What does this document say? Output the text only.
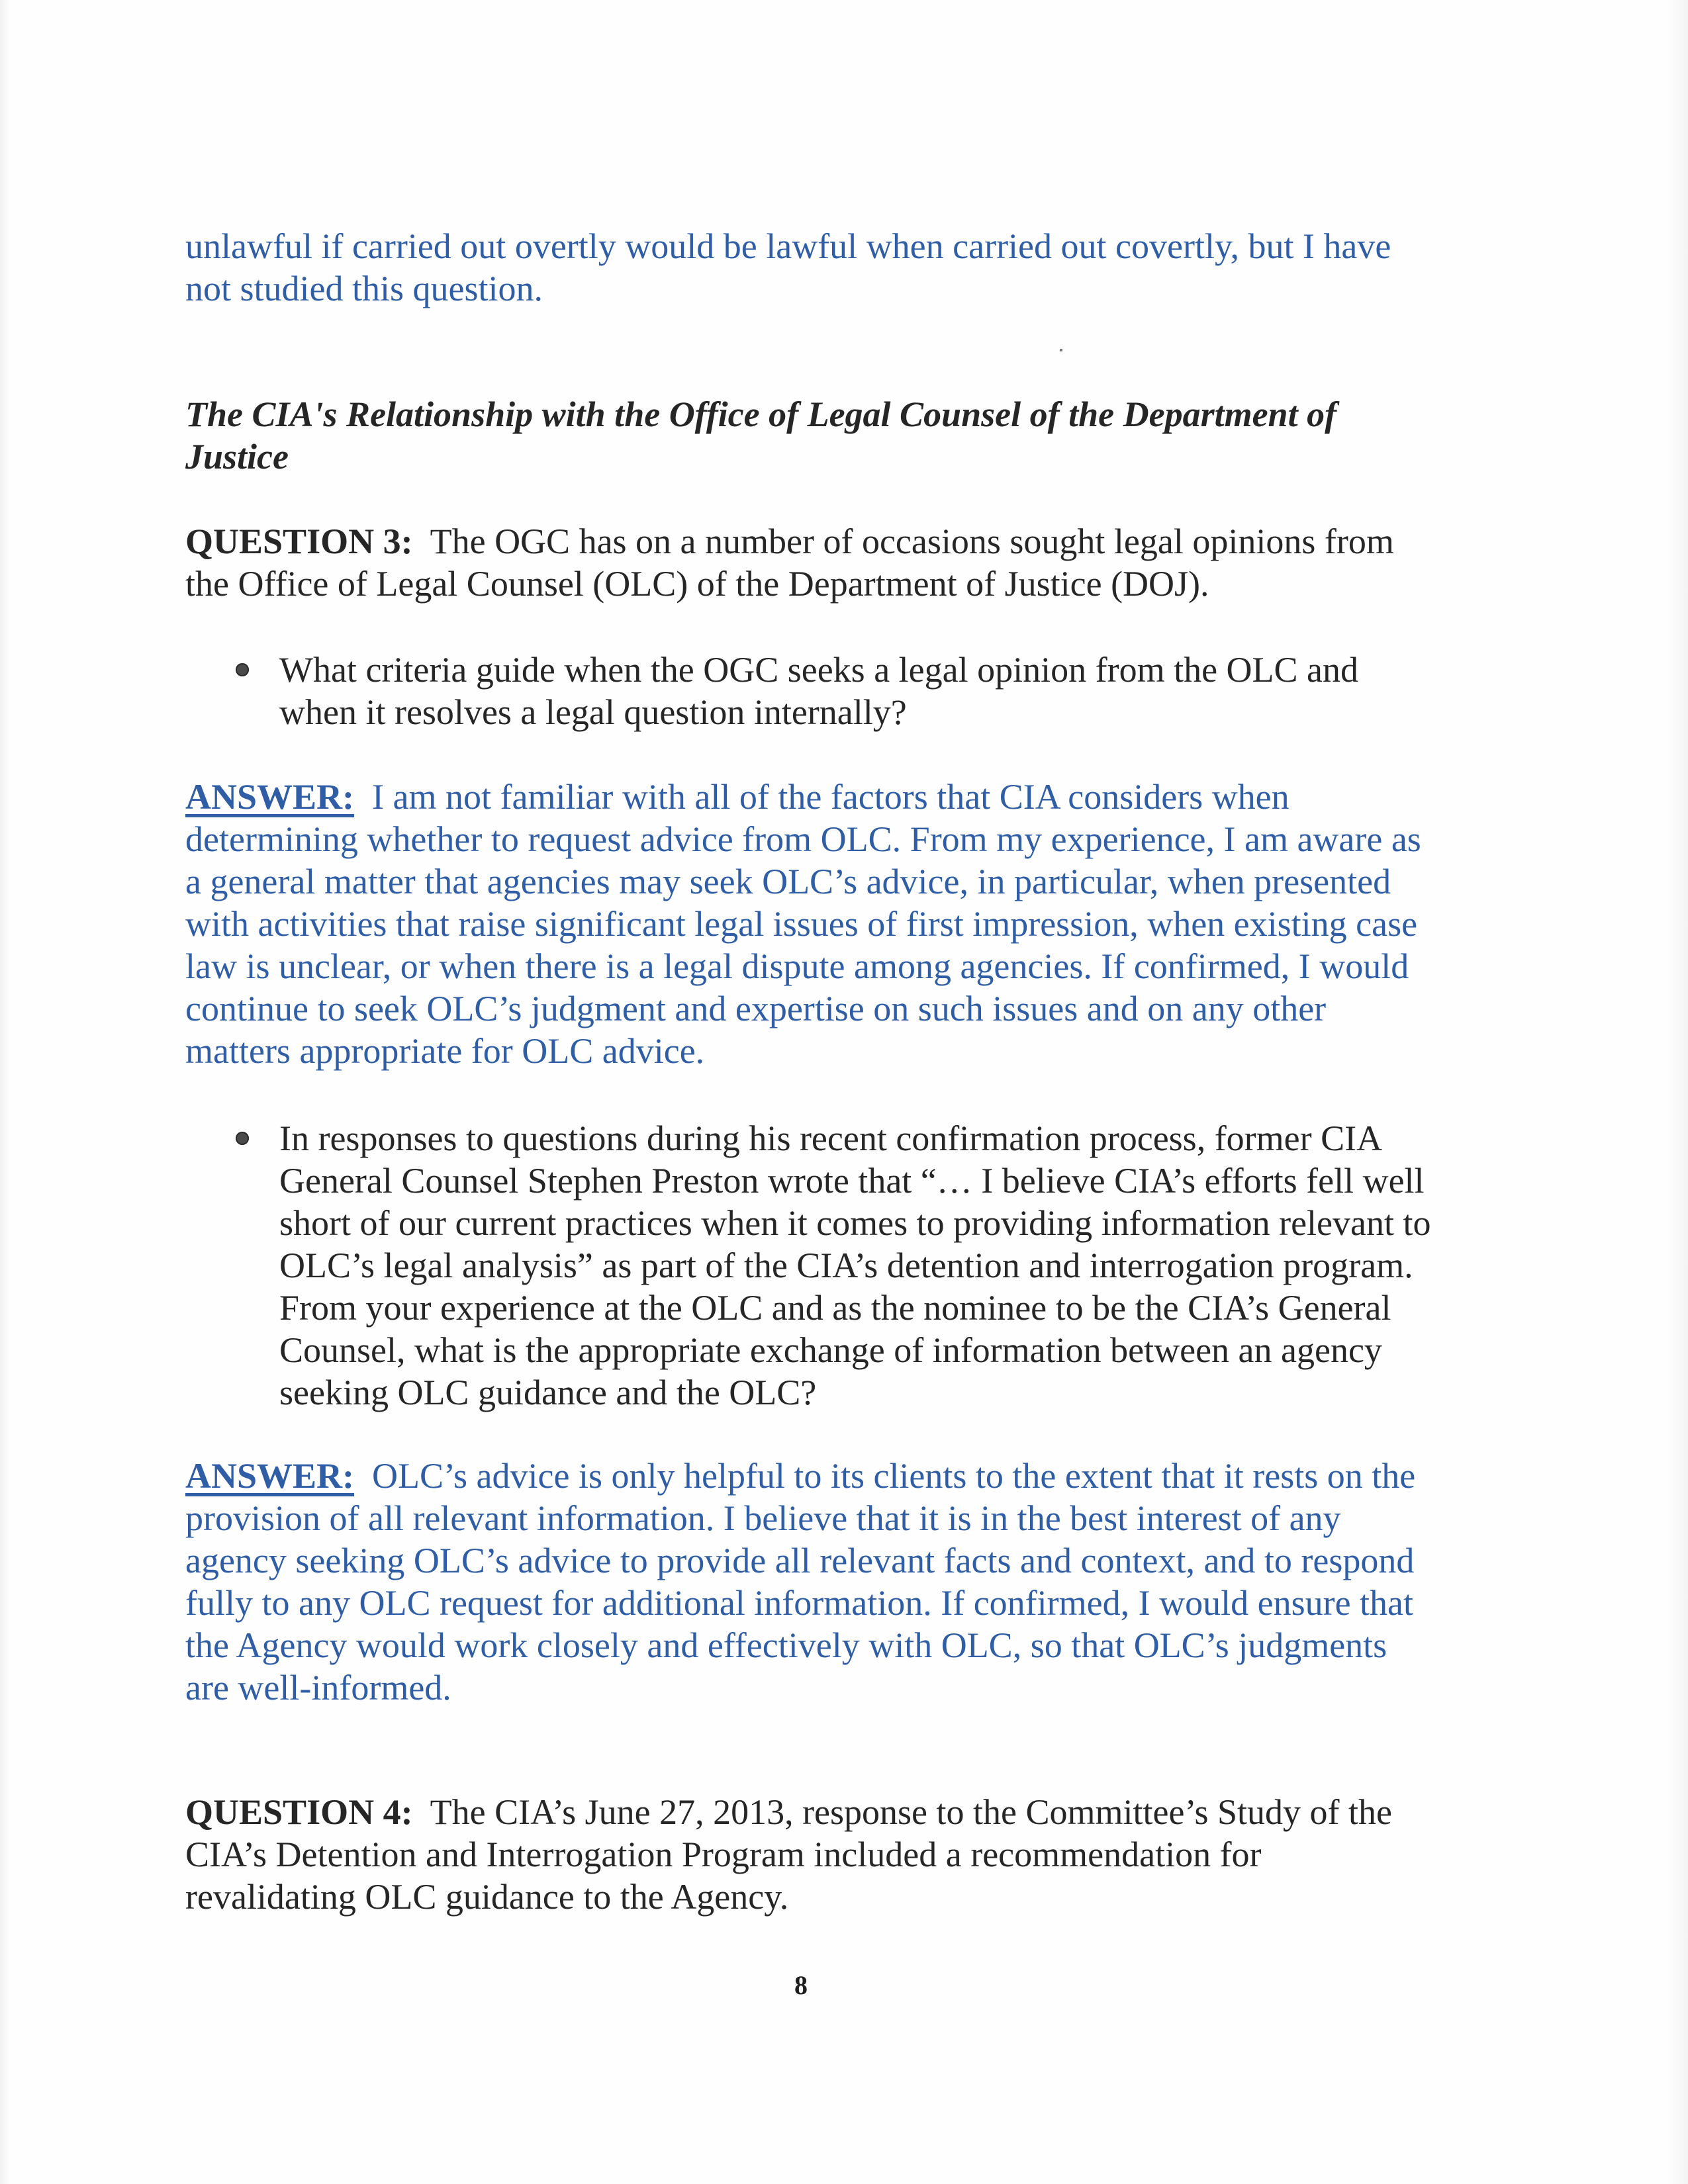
unlawful if carried out overtly would be lawful when carried out covertly, but I have not studied this question.

The CIA's Relationship with the Office of Legal Counsel of the Department of Justice

QUESTION 3: The OGC has on a number of occasions sought legal opinions from the Office of Legal Counsel (OLC) of the Department of Justice (DOJ).

What criteria guide when the OGC seeks a legal opinion from the OLC and when it resolves a legal question internally?

ANSWER: I am not familiar with all of the factors that CIA considers when determining whether to request advice from OLC. From my experience, I am aware as a general matter that agencies may seek OLC’s advice, in particular, when presented with activities that raise significant legal issues of first impression, when existing case law is unclear, or when there is a legal dispute among agencies. If confirmed, I would continue to seek OLC’s judgment and expertise on such issues and on any other matters appropriate for OLC advice.

In responses to questions during his recent confirmation process, former CIA General Counsel Stephen Preston wrote that “… I believe CIA’s efforts fell well short of our current practices when it comes to providing information relevant to OLC’s legal analysis” as part of the CIA’s detention and interrogation program. From your experience at the OLC and as the nominee to be the CIA’s General Counsel, what is the appropriate exchange of information between an agency seeking OLC guidance and the OLC?

ANSWER: OLC’s advice is only helpful to its clients to the extent that it rests on the provision of all relevant information. I believe that it is in the best interest of any agency seeking OLC’s advice to provide all relevant facts and context, and to respond fully to any OLC request for additional information. If confirmed, I would ensure that the Agency would work closely and effectively with OLC, so that OLC’s judgments are well-informed.

QUESTION 4: The CIA’s June 27, 2013, response to the Committee’s Study of the CIA’s Detention and Interrogation Program included a recommendation for revalidating OLC guidance to the Agency.

8
